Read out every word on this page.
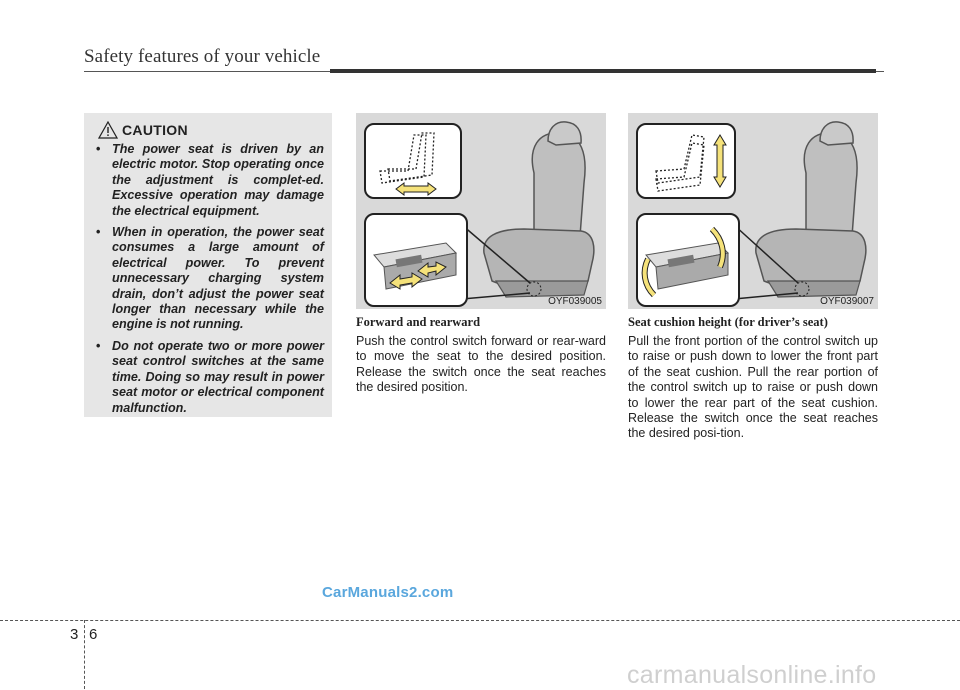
Safety features of your vehicle
CAUTION
• The power seat is driven by an electric motor. Stop operating once the adjustment is complet-ed. Excessive operation may damage the electrical equipment.
• When in operation, the power seat consumes a large amount of electrical power. To prevent unnecessary charging system drain, don’t adjust the power seat longer than necessary while the engine is not running.
• Do not operate two or more power seat control switches at the same time. Doing so may result in power seat motor or electrical component malfunction.
OYF039005	OYF039007

Forward and rearward

Push the control switch forward or rear-ward to move the seat to the desired position. Release the switch once the seat reaches the desired position.

Seat cushion height (for driver’s seat)

Pull the front portion of the control switch up to raise or push down to lower the front part of the seat cushion. Pull the rear portion of the control switch up to raise or push down to lower the rear part of the seat cushion. Release the switch once the seat reaches the desired posi-tion.

CarManuals2.com
carmanualsonline.info
3 6
